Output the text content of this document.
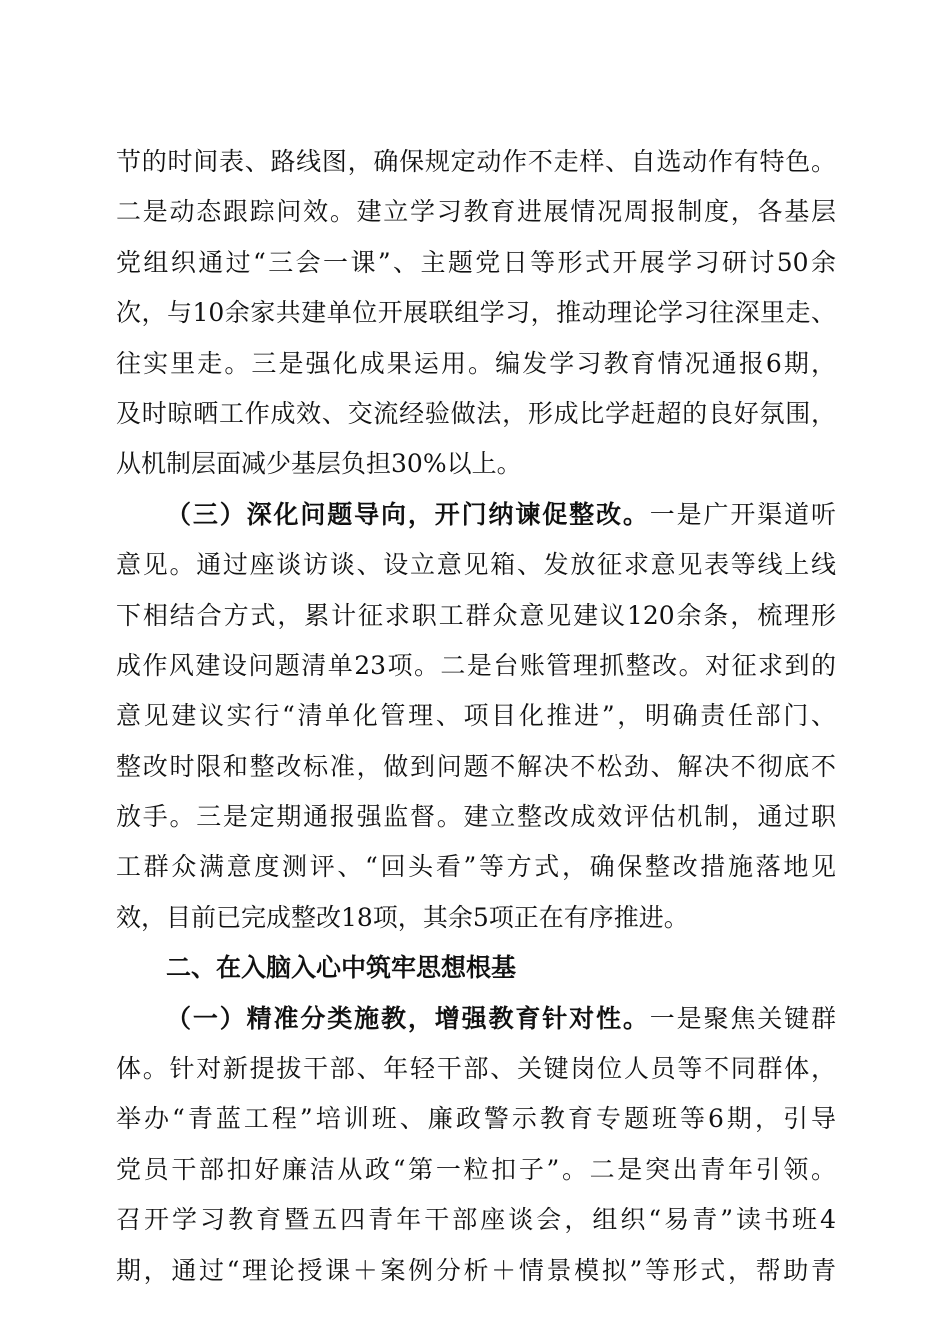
节的时间表、路线图，确保规定动作不走样、自选动作有特色。
二是动态跟踪问效。建立学习教育进展情况周报制度，各基层
党组织通过“三会一课”、主题党日等形式开展学习研讨50余
次，与10余家共建单位开展联组学习，推动理论学习往深里走、
往实里走。三是强化成果运用。编发学习教育情况通报6期，
及时晾晒工作成效、交流经验做法，形成比学赶超的良好氛围，
从机制层面减少基层负担30%以上。
（三）深化问题导向，开门纳谏促整改。一是广开渠道听
意见。通过座谈访谈、设立意见箱、发放征求意见表等线上线
下相结合方式，累计征求职工群众意见建议120余条，梳理形
成作风建设问题清单23项。二是台账管理抓整改。对征求到的
意见建议实行“清单化管理、项目化推进”，明确责任部门、
整改时限和整改标准，做到问题不解决不松劲、解决不彻底不
放手。三是定期通报强监督。建立整改成效评估机制，通过职
工群众满意度测评、“回头看”等方式，确保整改措施落地见
效，目前已完成整改18项，其余5项正在有序推进。
二、在入脑入心中筑牢思想根基
（一）精准分类施教，增强教育针对性。一是聚焦关键群
体。针对新提拔干部、年轻干部、关键岗位人员等不同群体，
举办“青蓝工程”培训班、廉政警示教育专题班等6期，引导
党员干部扣好廉洁从政“第一粒扣子”。二是突出青年引领。
召开学习教育暨五四青年干部座谈会，组织“易青”读书班4
期，通过“理论授课＋案例分析＋情景模拟”等形式，帮助青
